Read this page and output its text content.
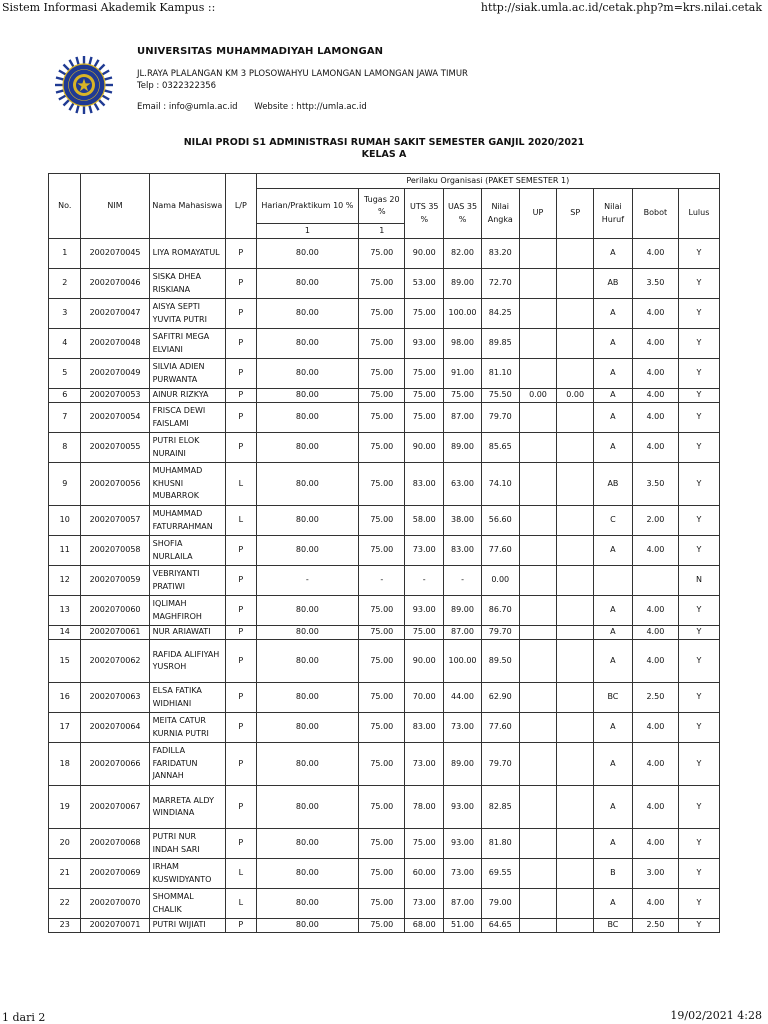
Sistem Informasi Akademik Kampus ::	http://siak.umla.ac.id/cetak.php?m=krs.nilai.cetak
UNIVERSITAS MUHAMMADIYAH LAMONGAN
JL.RAYA PLALANGAN KM 3 PLOSOWAHYU LAMONGAN LAMONGAN JAWA TIMUR
Telp : 0322322356
Email : info@umla.ac.id Website : http://umla.ac.id
NILAI PRODI S1 ADMINISTRASI RUMAH SAKIT SEMESTER GANJIL 2020/2021
KELAS A
No.	NIM	Nama Mahasiswa	L/P	Perilaku Organisasi (PAKET SEMESTER 1)									
				Harian/Praktikum 10 %	Tugas 20 %	UTS 35 %	UAS 35 %	Nilai Angka	UP	SP	Nilai Huruf	Bobot	Lulus
				1	1								
1	2002070045	LIYA ROMAYATUL	P	80.00	75.00	90.00	82.00	83.20			A	4.00	Y
2	2002070046	SISKA DHEA RISKIANA	P	80.00	75.00	53.00	89.00	72.70			AB	3.50	Y
3	2002070047	AISYA SEPTI YUVITA PUTRI	P	80.00	75.00	75.00	100.00	84.25			A	4.00	Y
4	2002070048	SAFITRI MEGA ELVIANI	P	80.00	75.00	93.00	98.00	89.85			A	4.00	Y
5	2002070049	SILVIA ADIEN PURWANTA	P	80.00	75.00	75.00	91.00	81.10			A	4.00	Y
6	2002070053	AINUR RIZKYA	P	80.00	75.00	75.00	75.00	75.50	0.00	0.00	A	4.00	Y
7	2002070054	FRISCA DEWI FAISLAMI	P	80.00	75.00	75.00	87.00	79.70			A	4.00	Y
8	2002070055	PUTRI ELOK NURAINI	P	80.00	75.00	90.00	89.00	85.65			A	4.00	Y
9	2002070056	MUHAMMAD KHUSNI MUBARROK	L	80.00	75.00	83.00	63.00	74.10			AB	3.50	Y
10	2002070057	MUHAMMAD FATURRAHMAN	L	80.00	75.00	58.00	38.00	56.60			C	2.00	Y
11	2002070058	SHOFIA NURLAILA	P	80.00	75.00	73.00	83.00	77.60			A	4.00	Y
12	2002070059	VEBRIYANTI PRATIWI	P	-	-	-	-	0.00					N
13	2002070060	IQLIMAH MAGHFIROH	P	80.00	75.00	93.00	89.00	86.70			A	4.00	Y
14	2002070061	NUR ARIAWATI	P	80.00	75.00	75.00	87.00	79.70			A	4.00	Y
15	2002070062	RAFIDA ALIFIYAH YUSROH	P	80.00	75.00	90.00	100.00	89.50			A	4.00	Y
16	2002070063	ELSA FATIKA WIDHIANI	P	80.00	75.00	70.00	44.00	62.90			BC	2.50	Y
17	2002070064	MEITA CATUR KURNIA PUTRI	P	80.00	75.00	83.00	73.00	77.60			A	4.00	Y
18	2002070066	FADILLA FARIDATUN JANNAH	P	80.00	75.00	73.00	89.00	79.70			A	4.00	Y
19	2002070067	MARRETA ALDY WINDIANA	P	80.00	75.00	78.00	93.00	82.85			A	4.00	Y
20	2002070068	PUTRI NUR INDAH SARI	P	80.00	75.00	75.00	93.00	81.80			A	4.00	Y
21	2002070069	IRHAM KUSWIDYANTO	L	80.00	75.00	60.00	73.00	69.55			B	3.00	Y
22	2002070070	SHOMMAL CHALIK	L	80.00	75.00	73.00	87.00	79.00			A	4.00	Y
23	2002070071	PUTRI WIJIATI	P	80.00	75.00	68.00	51.00	64.65			BC	2.50	Y
1 dari 2	19/02/2021 4:28
